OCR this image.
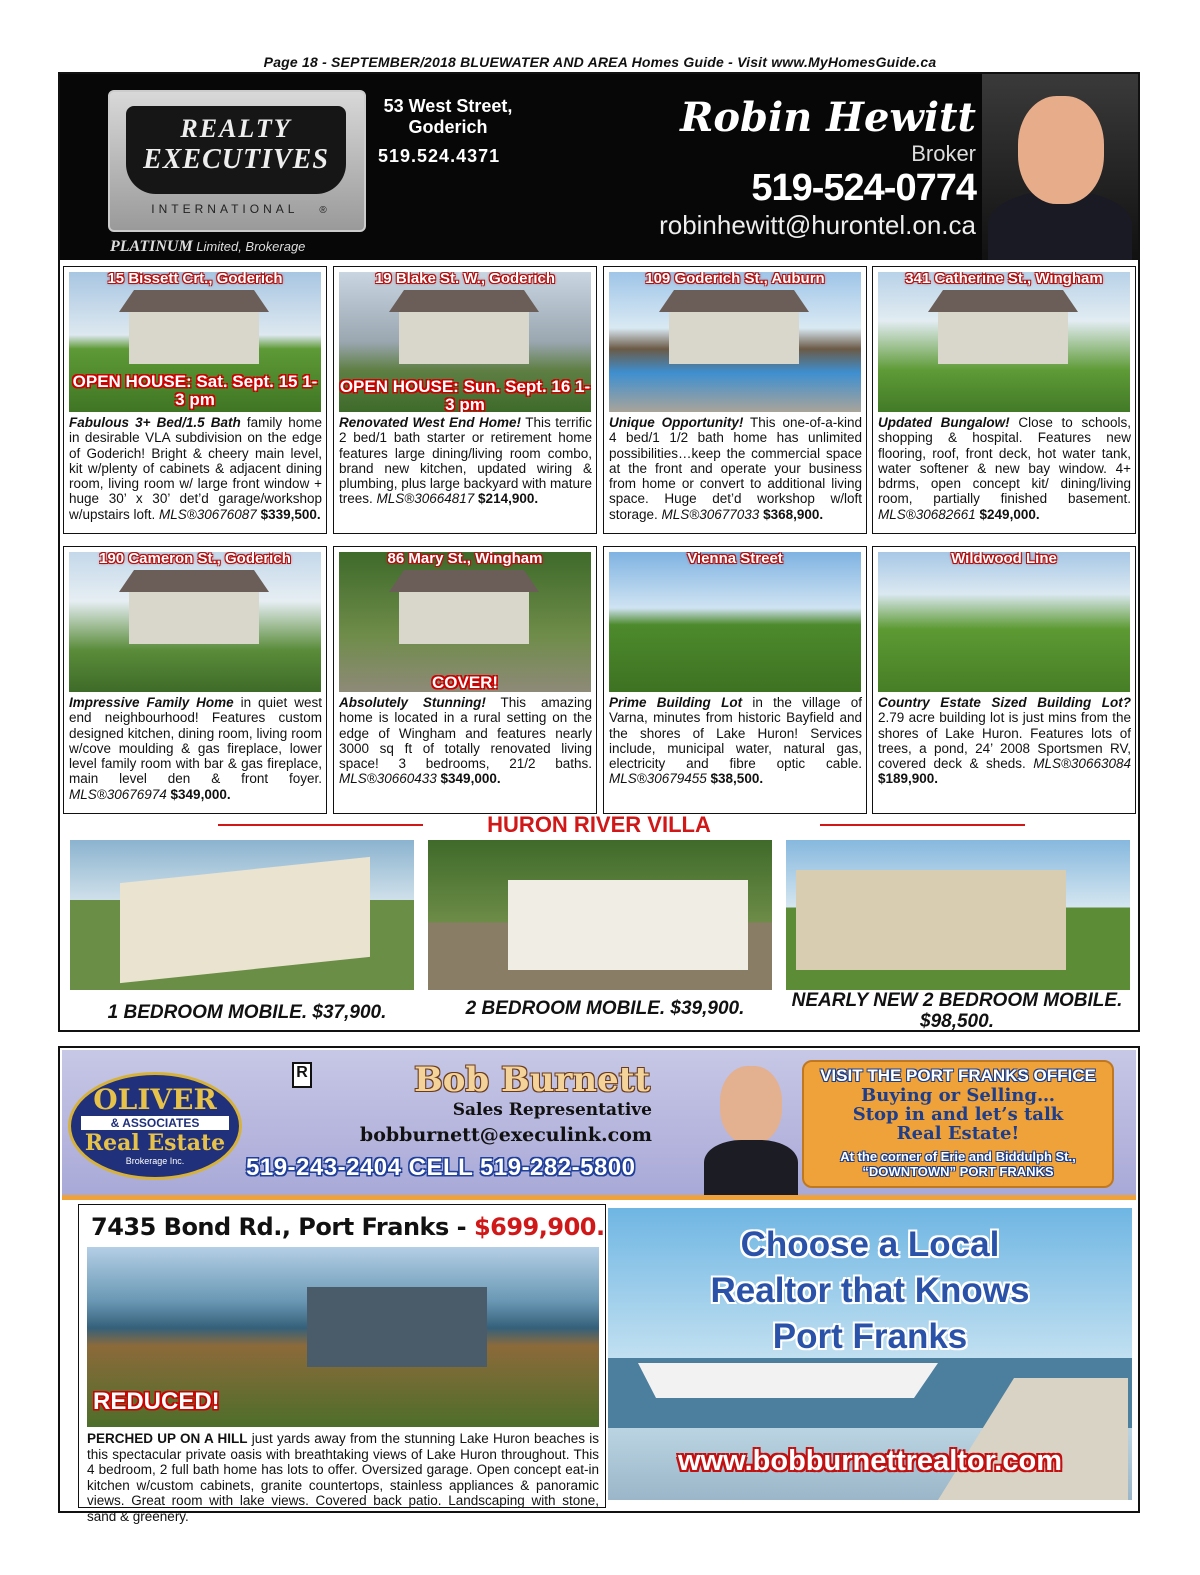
Page 18 - SEPTEMBER/2018 BLUEWATER AND AREA Homes Guide - Visit www.MyHomesGuide.ca
REALTY
EXECUTIVES
INTERNATIONAL ®
PLATINUM Limited, Brokerage
53 West Street,
Goderich
519.524.4371
Robin Hewitt
Broker
519-524-0774
robinhewitt@hurontel.on.ca
15 Bissett Crt., Goderich
OPEN HOUSE: Sat. Sept. 15 1-3 pm
Fabulous 3+ Bed/1.5 Bath family home in desirable VLA subdivision on the edge of Goderich! Bright & cheery main level, kit w/plenty of cabinets & adjacent dining room, living room w/ large front window + huge 30’ x 30’ det’d garage/workshop w/upstairs loft. MLS®30676087 $339,500.
19 Blake St. W., Goderich
OPEN HOUSE: Sun. Sept. 16 1-3 pm
Renovated West End Home! This terrific 2 bed/1 bath starter or retirement home features large dining/living room combo, brand new kitchen, updated wiring & plumbing, plus large backyard with mature trees. MLS®30664817 $214,900.
109 Goderich St., Auburn
Unique Opportunity! This one-of-a-kind 4 bed/1 1/2 bath home has unlimited possibilities…keep the commercial space at the front and operate your business from home or convert to additional living space. Huge det’d workshop w/loft storage. MLS®30677033 $368,900.
341 Catherine St., Wingham
Updated Bungalow! Close to schools, shopping & hospital. Features new flooring, roof, front deck, hot water tank, water softener & new bay window. 4+ bdrms, open concept kit/ dining/living room, partially finished basement. MLS®30682661 $249,000.
190 Cameron St., Goderich
Impressive Family Home in quiet west end neighbourhood! Features custom designed kitchen, dining room, living room w/cove moulding & gas fireplace, lower level family room with bar & gas fireplace, main level den & front foyer. MLS®30676974 $349,000.
86 Mary St., Wingham
COVER!
Absolutely Stunning! This amazing home is located in a rural setting on the edge of Wingham and features nearly 3000 sq ft of totally renovated living space! 3 bedrooms, 21/2 baths. MLS®30660433 $349,000.
Vienna Street
Prime Building Lot in the village of Varna, minutes from historic Bayfield and the shores of Lake Huron! Services include, municipal water, natural gas, electricity and fibre optic cable. MLS®30679455 $38,500.
Wildwood Line
Country Estate Sized Building Lot? 2.79 acre building lot is just mins from the shores of Lake Huron. Features lots of trees, a pond, 24’ 2008 Sportsmen RV, covered deck & sheds. MLS®30663084 $189,900.
HURON RIVER VILLA
1 BEDROOM MOBILE. $37,900.	2 BEDROOM MOBILE. $39,900.	NEARLY NEW 2 BEDROOM MOBILE. $98,500.
OLIVER
& ASSOCIATES
Real Estate
Brokerage Inc.
R	Bob Burnett
Sales Representative
bobburnett@execulink.com
519-243-2404 CELL 519-282-5800
VISIT THE PORT FRANKS OFFICE
Buying or Selling…
Stop in and let’s talk
Real Estate!
At the corner of Erie and Biddulph St.,
“DOWNTOWN” PORT FRANKS
7435 Bond Rd., Port Franks - $699,900.
REDUCED!
PERCHED UP ON A HILL just yards away from the stunning Lake Huron beaches is this spectacular private oasis with breathtaking views of Lake Huron throughout. This 4 bedroom, 2 full bath home has lots to offer. Oversized garage. Open concept eat-in kitchen w/custom cabinets, granite countertops, stainless appliances & panoramic views. Great room with lake views. Covered back patio. Landscaping with stone, sand & greenery.
Choose a Local
Realtor that Knows
Port Franks
www.bobburnettrealtor.com
